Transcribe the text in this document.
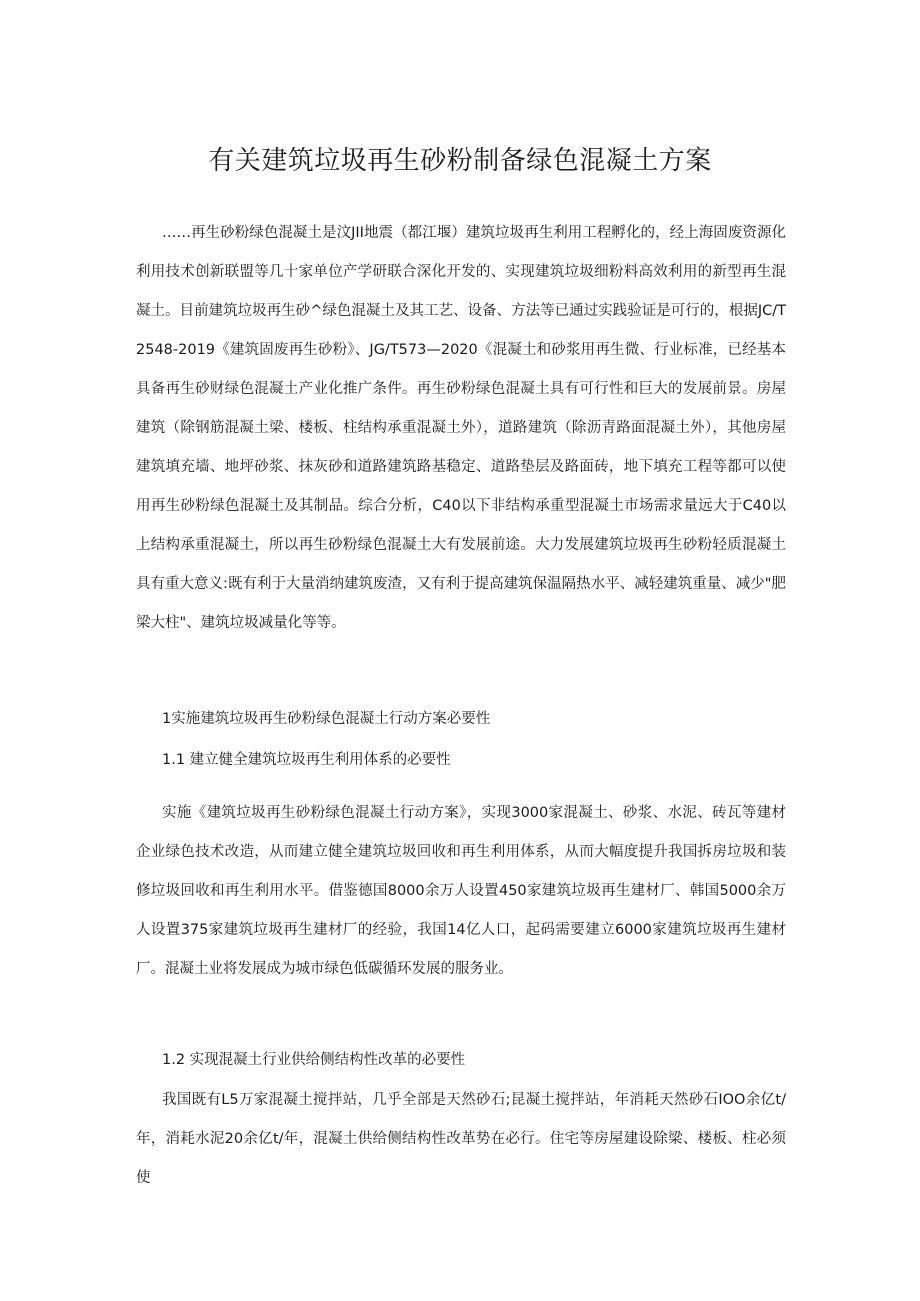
有关建筑垃圾再生砂粉制备绿色混凝土方案

……再生砂粉绿色混凝土是汶JII地震（都江堰）建筑垃圾再生利用工程孵化的，经上海固废资源化利用技术创新联盟等几十家单位产学研联合深化开发的、实现建筑垃圾细粉料高效利用的新型再生混凝土。目前建筑垃圾再生砂^绿色混凝土及其工艺、设备、方法等已通过实践验证是可行的，根据JC/T2548-2019《建筑固废再生砂粉》、JG/T573—2020《混凝土和砂浆用再生微、行业标准，已经基本具备再生砂财绿色混凝土产业化推广条件。再生砂粉绿色混凝土具有可行性和巨大的发展前景。房屋建筑（除钢筋混凝土梁、楼板、柱结构承重混凝土外），道路建筑（除沥青路面混凝土外），其他房屋建筑填充墙、地坪砂浆、抹灰砂和道路建筑路基稳定、道路垫层及路面砖，地下填充工程等都可以使用再生砂粉绿色混凝土及其制品。综合分析，C40以下非结构承重型混凝土市场需求量远大于C40以上结构承重混凝土，所以再生砂粉绿色混凝土大有发展前途。大力发展建筑垃圾再生砂粉轻质混凝土具有重大意义:既有利于大量消纳建筑废渣，又有利于提高建筑保温隔热水平、减轻建筑重量、减少"肥梁大柱"、建筑垃圾减量化等等。

1实施建筑垃圾再生砂粉绿色混凝土行动方案必要性

1.1 建立健全建筑垃圾再生利用体系的必要性

实施《建筑垃圾再生砂粉绿色混凝土行动方案》，实现3000家混凝土、砂浆、水泥、砖瓦等建材企业绿色技术改造，从而建立健全建筑垃圾回收和再生利用体系，从而大幅度提升我国拆房垃圾和装修垃圾回收和再生利用水平。借鉴德国8000余万人设置450家建筑垃圾再生建材厂、韩国5000余万人设置375家建筑垃圾再生建材厂的经验，我国14亿人口，起码需要建立6000家建筑垃圾再生建材厂。混凝土业将发展成为城市绿色低碳循环发展的服务业。

1.2 实现混凝土行业供给侧结构性改革的必要性

我国既有L5万家混凝土搅拌站，几乎全部是天然砂石;昆凝土搅拌站，年消耗天然砂石IOO余亿t/年，消耗水泥20余亿t/年，混凝土供给侧结构性改革势在必行。住宅等房屋建设除梁、楼板、柱必须使
